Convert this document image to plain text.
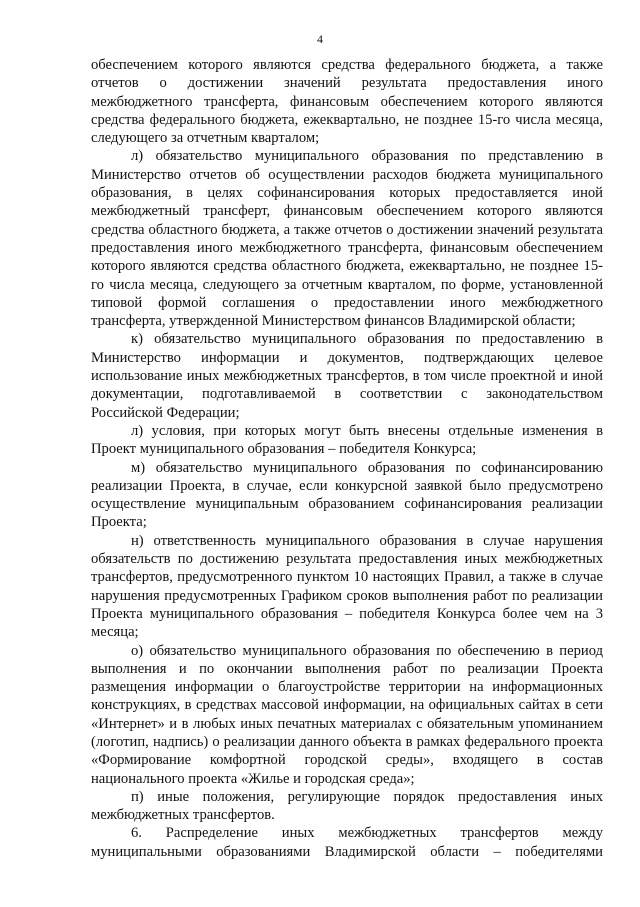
4

обеспечением которого являются средства федерального бюджета, а также отчетов о достижении значений результата предоставления иного межбюджетного трансферта, финансовым обеспечением которого являются средства федерального бюджета, ежеквартально, не позднее 15-го числа месяца, следующего за отчетным кварталом;

л) обязательство муниципального образования по представлению в Министерство отчетов об осуществлении расходов бюджета муниципального образования, в целях софинансирования которых предоставляется иной межбюджетный трансферт, финансовым обеспечением которого являются средства областного бюджета, а также отчетов о достижении значений результата предоставления иного межбюджетного трансферта, финансовым обеспечением которого являются средства областного бюджета, ежеквартально, не позднее 15-го числа месяца, следующего за отчетным кварталом, по форме, установленной типовой формой соглашения о предоставлении иного межбюджетного трансферта, утвержденной Министерством финансов Владимирской области;

к) обязательство муниципального образования по предоставлению в Министерство информации и документов, подтверждающих целевое использование иных межбюджетных трансфертов, в том числе проектной и иной документации, подготавливаемой в соответствии с законодательством Российской Федерации;

л) условия, при которых могут быть внесены отдельные изменения в Проект муниципального образования – победителя Конкурса;

м) обязательство муниципального образования по софинансированию реализации Проекта, в случае, если конкурсной заявкой было предусмотрено осуществление муниципальным образованием софинансирования реализации Проекта;

н) ответственность муниципального образования в случае нарушения обязательств по достижению результата предоставления иных межбюджетных трансфертов, предусмотренного пунктом 10 настоящих Правил, а также в случае нарушения предусмотренных Графиком сроков выполнения работ по реализации Проекта муниципального образования – победителя Конкурса более чем на 3 месяца;

о) обязательство муниципального образования по обеспечению в период выполнения и по окончании выполнения работ по реализации Проекта размещения информации о благоустройстве территории на информационных конструкциях, в средствах массовой информации, на официальных сайтах в сети «Интернет» и в любых иных печатных материалах с обязательным упоминанием (логотип, надпись) о реализации данного объекта в рамках федерального проекта «Формирование комфортной городской среды», входящего в состав национального проекта «Жилье и городская среда»;

п) иные положения, регулирующие порядок предоставления иных межбюджетных трансфертов.

6. Распределение иных межбюджетных трансфертов между муниципальными образованиями Владимирской области – победителями
